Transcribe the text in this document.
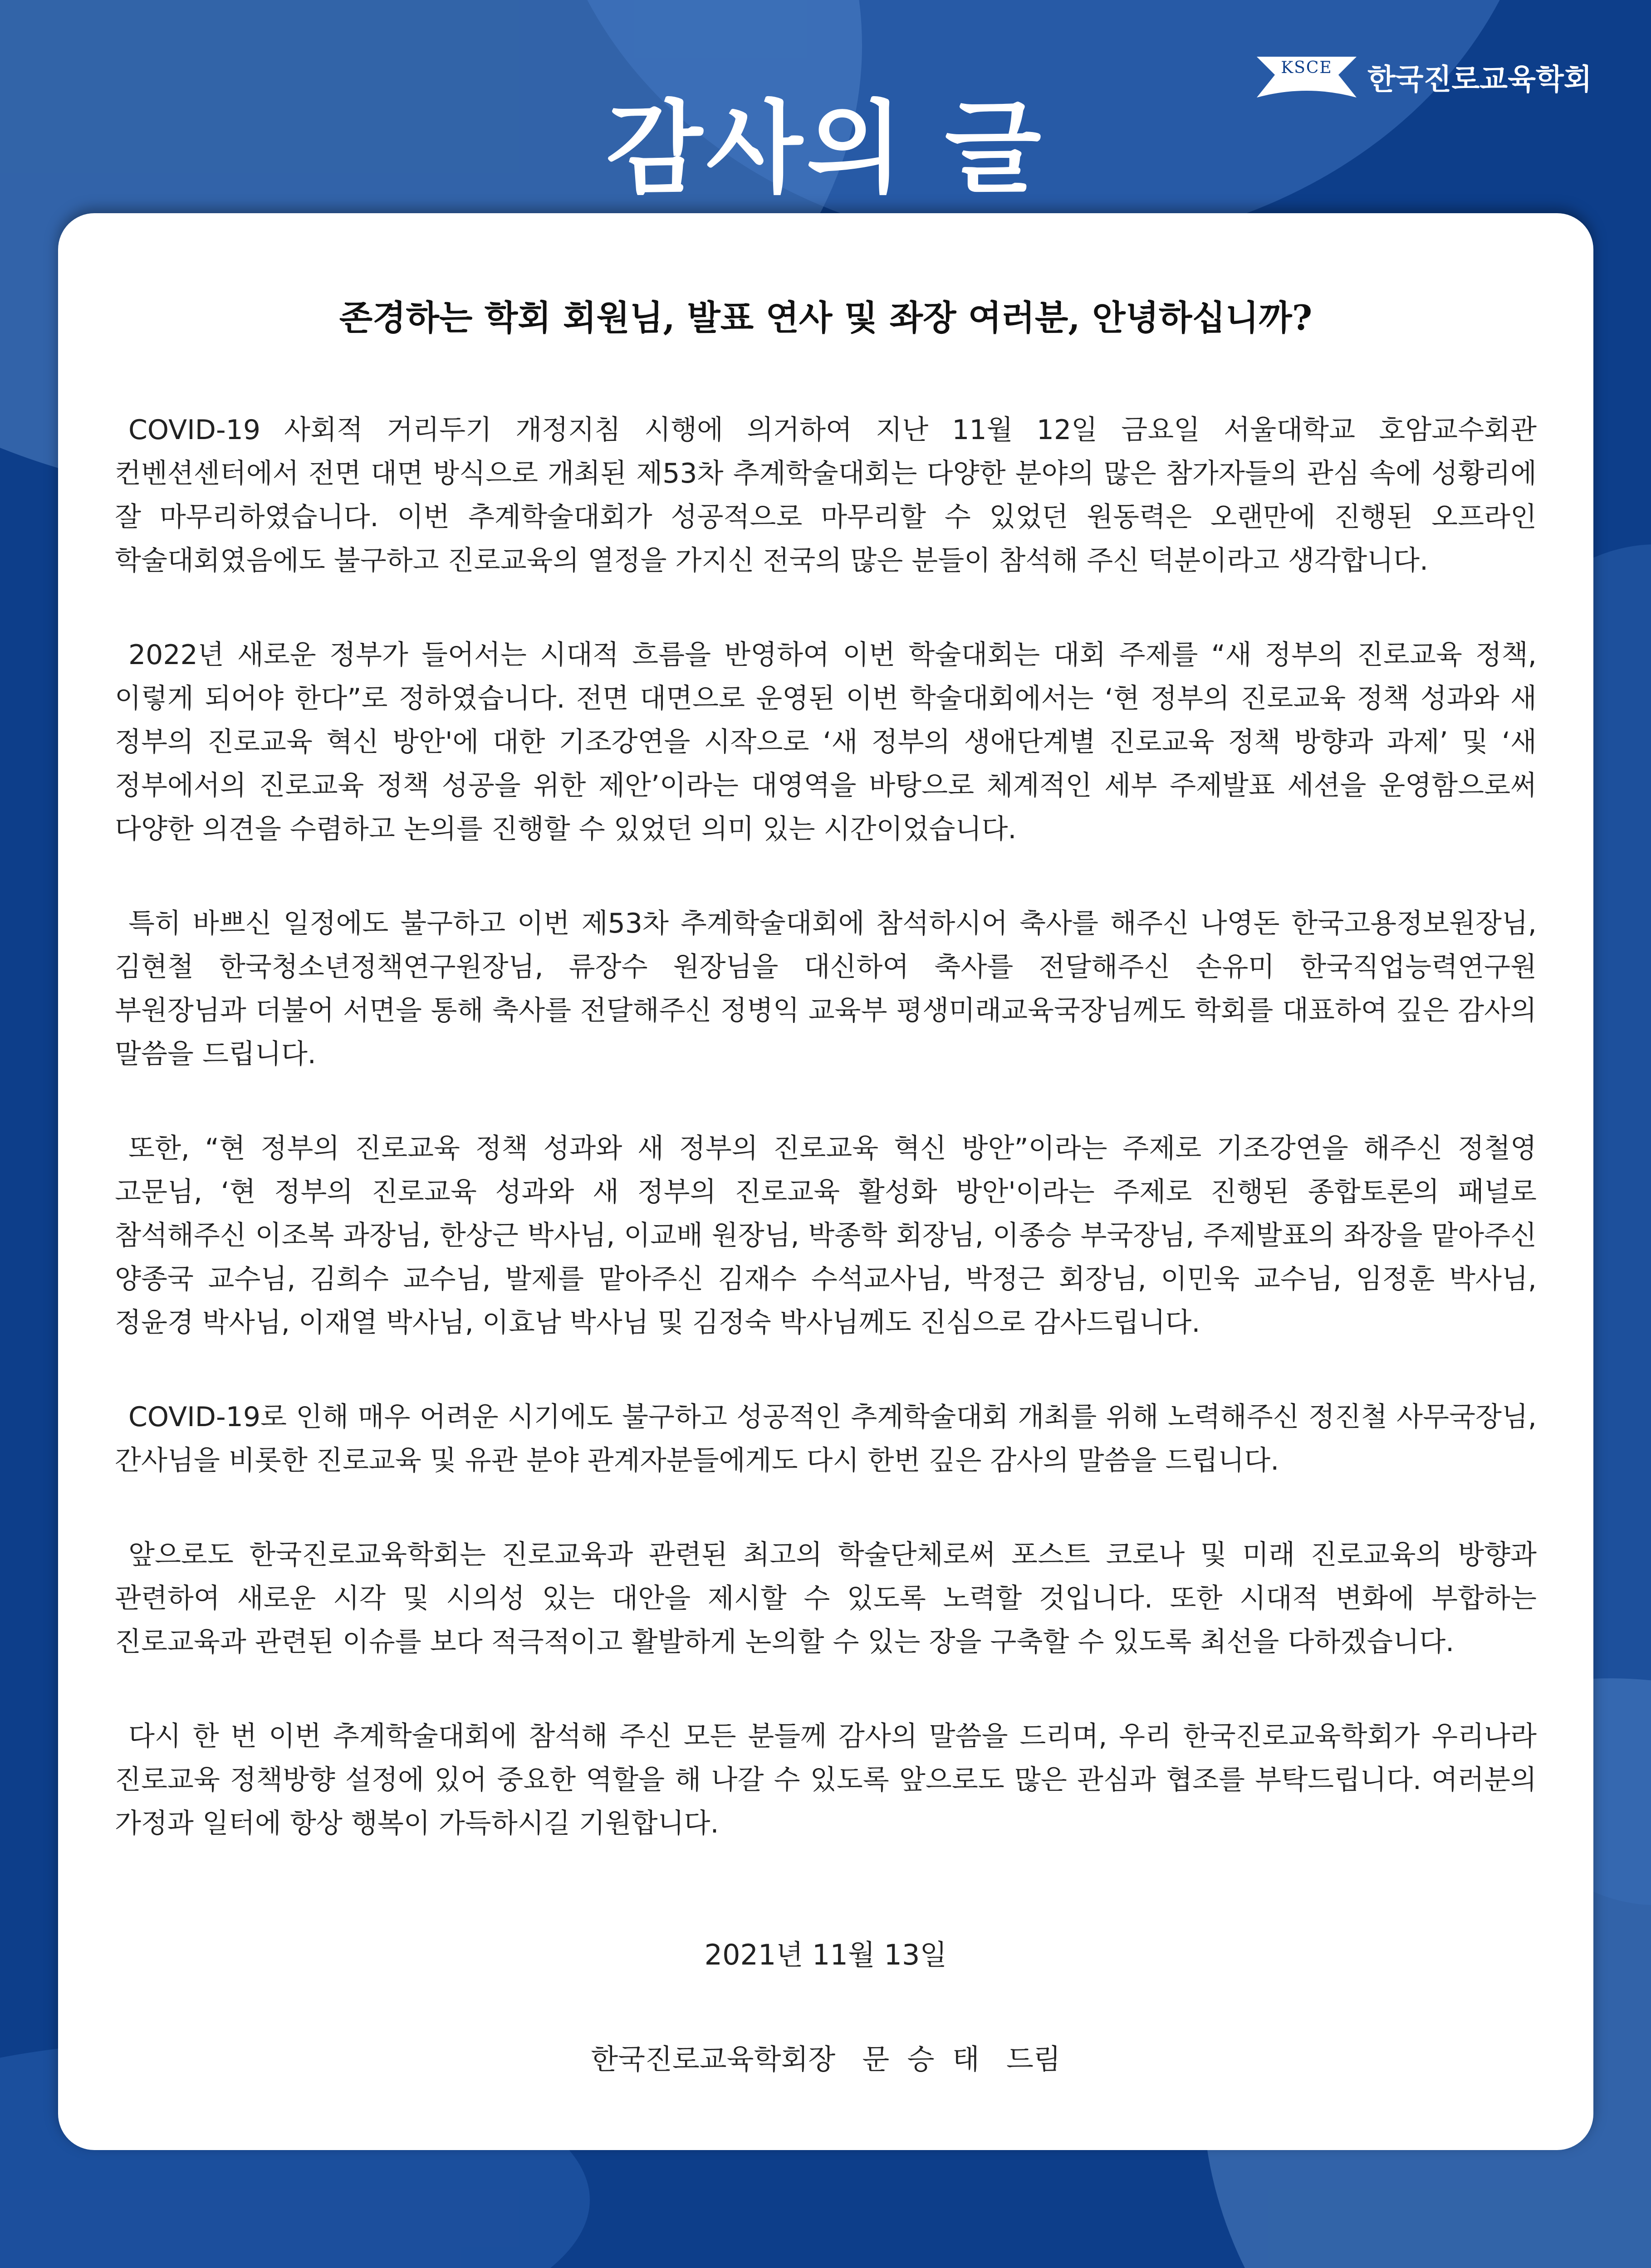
감사의 글
KSCE	한국진로교육학회
존경하는 학회 회원님, 발표 연사 및 좌장 여러분, 안녕하십니까?

COVID-19 사회적 거리두기 개정지침 시행에 의거하여 지난 11월 12일 금요일 서울대학교 호암교수회관 컨벤션센터에서 전면 대면 방식으로 개최된 제53차 추계학술대회는 다양한 분야의 많은 참가자들의 관심 속에 성황리에 잘 마무리하였습니다. 이번 추계학술대회가 성공적으로 마무리할 수 있었던 원동력은 오랜만에 진행된 오프라인 학술대회였음에도 불구하고 진로교육의 열정을 가지신 전국의 많은 분들이 참석해 주신 덕분이라고 생각합니다.

2022년 새로운 정부가 들어서는 시대적 흐름을 반영하여 이번 학술대회는 대회 주제를 “새 정부의 진로교육 정책, 이렇게 되어야 한다”로 정하였습니다. 전면 대면으로 운영된 이번 학술대회에서는 ‘현 정부의 진로교육 정책 성과와 새 정부의 진로교육 혁신 방안'에 대한 기조강연을 시작으로 ‘새 정부의 생애단계별 진로교육 정책 방향과 과제’ 및 ‘새 정부에서의 진로교육 정책 성공을 위한 제안’이라는 대영역을 바탕으로 체계적인 세부 주제발표 세션을 운영함으로써 다양한 의견을 수렴하고 논의를 진행할 수 있었던 의미 있는 시간이었습니다.

특히 바쁘신 일정에도 불구하고 이번 제53차 추계학술대회에 참석하시어 축사를 해주신 나영돈 한국고용정보원장님, 김현철 한국청소년정책연구원장님, 류장수 원장님을 대신하여 축사를 전달해주신 손유미 한국직업능력연구원 부원장님과 더불어 서면을 통해 축사를 전달해주신 정병익 교육부 평생미래교육국장님께도 학회를 대표하여 깊은 감사의 말씀을 드립니다.

또한, “현 정부의 진로교육 정책 성과와 새 정부의 진로교육 혁신 방안”이라는 주제로 기조강연을 해주신 정철영 고문님, ‘현 정부의 진로교육 성과와 새 정부의 진로교육 활성화 방안'이라는 주제로 진행된 종합토론의 패널로 참석해주신 이조복 과장님, 한상근 박사님, 이교배 원장님, 박종학 회장님, 이종승 부국장님, 주제발표의 좌장을 맡아주신 양종국 교수님, 김희수 교수님, 발제를 맡아주신 김재수 수석교사님, 박정근 회장님, 이민욱 교수님, 임정훈 박사님, 정윤경 박사님, 이재열 박사님, 이효남 박사님 및 김정숙 박사님께도 진심으로 감사드립니다.

COVID-19로 인해 매우 어려운 시기에도 불구하고 성공적인 추계학술대회 개최를 위해 노력해주신 정진철 사무국장님, 간사님을 비롯한 진로교육 및 유관 분야 관계자분들에게도 다시 한번 깊은 감사의 말씀을 드립니다.

앞으로도 한국진로교육학회는 진로교육과 관련된 최고의 학술단체로써 포스트 코로나 및 미래 진로교육의 방향과 관련하여 새로운 시각 및 시의성 있는 대안을 제시할 수 있도록 노력할 것입니다. 또한 시대적 변화에 부합하는 진로교육과 관련된 이슈를 보다 적극적이고 활발하게 논의할 수 있는 장을 구축할 수 있도록 최선을 다하겠습니다.

다시 한 번 이번 추계학술대회에 참석해 주신 모든 분들께 감사의 말씀을 드리며, 우리 한국진로교육학회가 우리나라 진로교육 정책방향 설정에 있어 중요한 역할을 해 나갈 수 있도록 앞으로도 많은 관심과 협조를 부탁드립니다. 여러분의 가정과 일터에 항상 행복이 가득하시길 기원합니다.

2021년 11월 13일
한국진로교육학회장   문  승  태   드림
